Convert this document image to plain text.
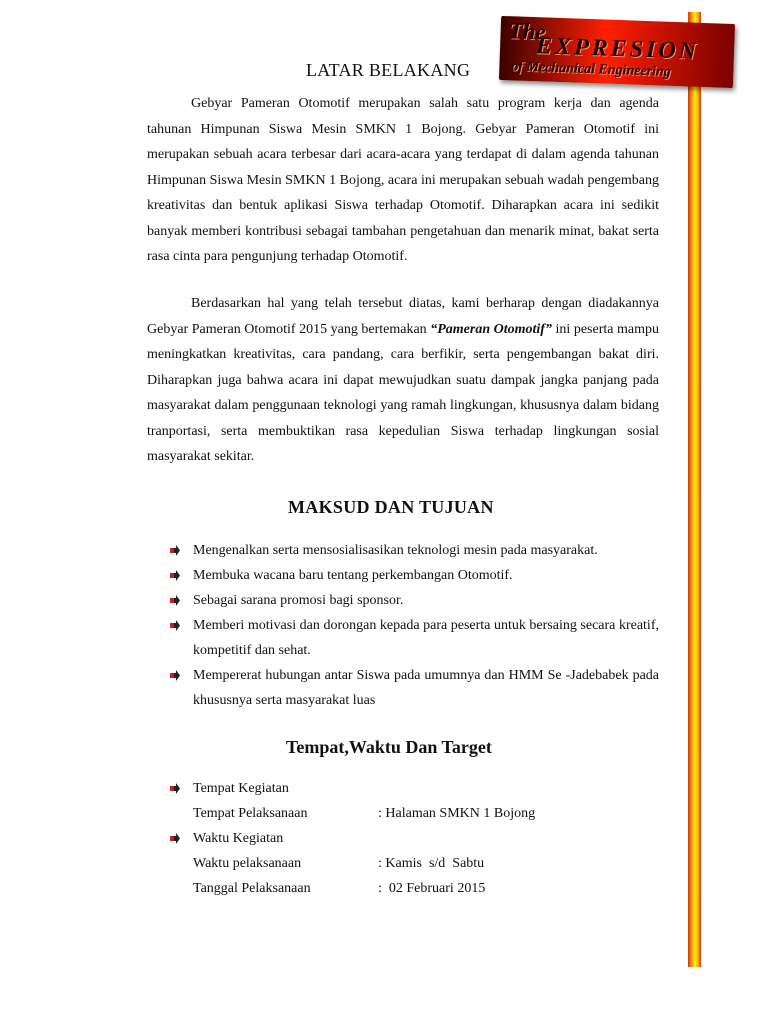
The
EXPRESION
of Mechanical Engineering
LATAR BELAKANG

Gebyar Pameran Otomotif merupakan salah satu program kerja dan agenda tahunan Himpunan Siswa Mesin SMKN 1 Bojong. Gebyar Pameran Otomotif ini merupakan sebuah acara terbesar dari acara-acara yang terdapat di dalam agenda tahunan Himpunan Siswa Mesin SMKN 1 Bojong, acara ini merupakan sebuah wadah pengembang kreativitas dan bentuk aplikasi Siswa terhadap Otomotif. Diharapkan acara ini sedikit banyak memberi kontribusi sebagai tambahan pengetahuan dan menarik minat, bakat serta rasa cinta para pengunjung terhadap Otomotif.

Berdasarkan hal yang telah tersebut diatas, kami berharap dengan diadakannya Gebyar Pameran Otomotif 2015 yang bertemakan “Pameran Otomotif” ini peserta mampu meningkatkan kreativitas, cara pandang, cara berfikir, serta pengembangan bakat diri. Diharapkan juga bahwa acara ini dapat mewujudkan suatu dampak jangka panjang pada masyarakat dalam penggunaan teknologi yang ramah lingkungan, khususnya dalam bidang tranportasi, serta membuktikan rasa kepedulian Siswa terhadap lingkungan sosial masyarakat sekitar.

MAKSUD DAN TUJUAN
Mengenalkan serta mensosialisasikan teknologi mesin pada masyarakat.
Membuka wacana baru tentang perkembangan Otomotif.
Sebagai sarana promosi bagi sponsor.
Memberi motivasi dan dorongan kepada para peserta untuk bersaing secara kreatif, kompetitif dan sehat.
Mempererat hubungan antar Siswa pada umumnya dan HMM Se -Jadebabek pada khususnya serta masyarakat luas
Tempat,Waktu Dan Target
Tempat Kegiatan
Tempat Pelaksanaan	: Halaman SMKN 1 Bojong
Waktu Kegiatan
Waktu pelaksanaan	: Kamis  s/d  Sabtu
Tanggal Pelaksanaan	:  02 Februari 2015
